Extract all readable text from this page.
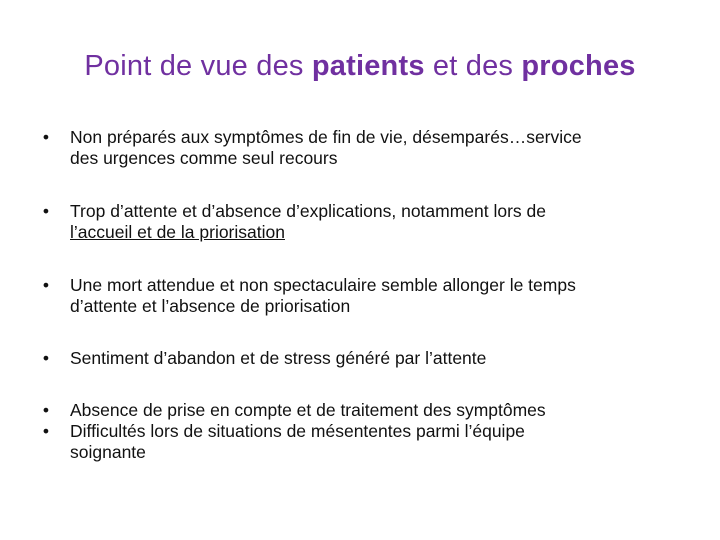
Point de vue des patients et des proches
•	Non préparés aux symptômes de fin de vie, désemparés…service
des urgences comme seul recours
•	Trop d’attente et d’absence d’explications, notamment lors de
l’accueil et de la priorisation
•	Une mort attendue et non spectaculaire semble allonger le temps
d’attente et l’absence de priorisation
•	Sentiment d’abandon et de stress généré par l’attente
•	Absence de prise en compte et de traitement des symptômes
•	Difficultés lors de situations de mésententes parmi l’équipe
soignante
